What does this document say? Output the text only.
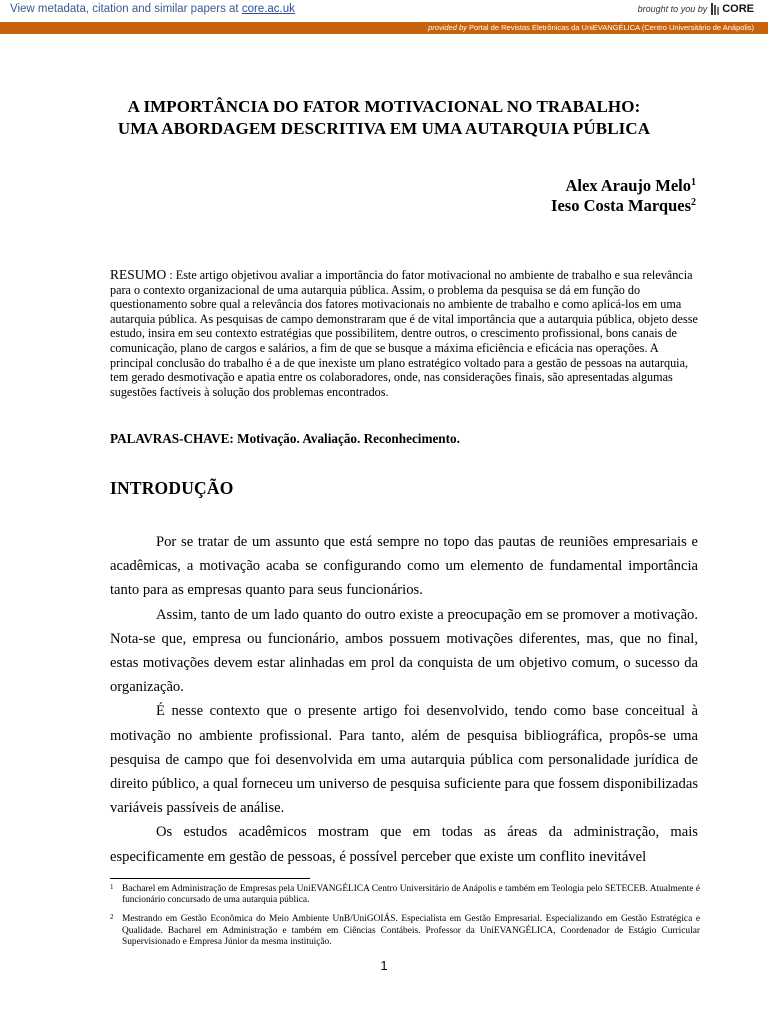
View metadata, citation and similar papers at core.ac.uk	brought to you by CORE
provided by Portal de Revistas Eletrônicas da UniEVANGÉLICA (Centro Universitário de Anápolis)
A IMPORTÂNCIA DO FATOR MOTIVACIONAL NO TRABALHO:
UMA ABORDAGEM DESCRITIVA EM UMA AUTARQUIA PÚBLICA
Alex Araujo Melo$^1$
Ieso Costa Marques$^2$
RESUMO : Este artigo objetivou avaliar a importância do fator motivacional no ambiente de trabalho e sua relevância para o contexto organizacional de uma autarquia pública. Assim, o problema da pesquisa se dá em função do questionamento sobre qual a relevância dos fatores motivacionais no ambiente de trabalho e como aplicá-los em uma autarquia pública. As pesquisas de campo demonstraram que é de vital importância que a autarquia pública, objeto desse estudo, insira em seu contexto estratégias que possibilitem, dentre outros, o crescimento profissional, bons canais de comunicação, plano de cargos e salários, a fim de que se busque a máxima eficiência e eficácia nas operações. A principal conclusão do trabalho é a de que inexiste um plano estratégico voltado para a gestão de pessoas na autarquia, tem gerado desmotivação e apatia entre os colaboradores, onde, nas considerações finais, são apresentadas algumas sugestões factíveis à solução dos problemas encontrados.
PALAVRAS-CHAVE: Motivação. Avaliação. Reconhecimento.
INTRODUÇÃO

Por se tratar de um assunto que está sempre no topo das pautas de reuniões empresariais e acadêmicas, a motivação acaba se configurando como um elemento de fundamental importância tanto para as empresas quanto para seus funcionários.

Assim, tanto de um lado quanto do outro existe a preocupação em se promover a motivação. Nota-se que, empresa ou funcionário, ambos possuem motivações diferentes, mas, que no final, estas motivações devem estar alinhadas em prol da conquista de um objetivo comum, o sucesso da organização.

É nesse contexto que o presente artigo foi desenvolvido, tendo como base conceitual à motivação no ambiente profissional. Para tanto, além de pesquisa bibliográfica, propôs-se uma pesquisa de campo que foi desenvolvida em uma autarquia pública com personalidade jurídica de direito público, a qual forneceu um universo de pesquisa suficiente para que fossem disponibilizadas variáveis passíveis de análise.

Os estudos acadêmicos mostram que em todas as áreas da administração, mais especificamente em gestão de pessoas, é possível perceber que existe um conflito inevitável

1 Bacharel em Administração de Empresas pela UniEVANGÉLICA Centro Universitário de Anápolis e também em Teologia pelo SETECEB. Atualmente é funcionário concursado de uma autarquia pública.
2 Mestrando em Gestão Econômica do Meio Ambiente UnB/UniGOIÁS. Especialista em Gestão Empresarial. Especializando em Gestão Estratégica e Qualidade. Bacharel em Administração e também em Ciências Contábeis. Professor da UniEVANGÉLICA, Coordenador de Estágio Curricular Supervisionado e Empresa Júnior da mesma instituição.
1
